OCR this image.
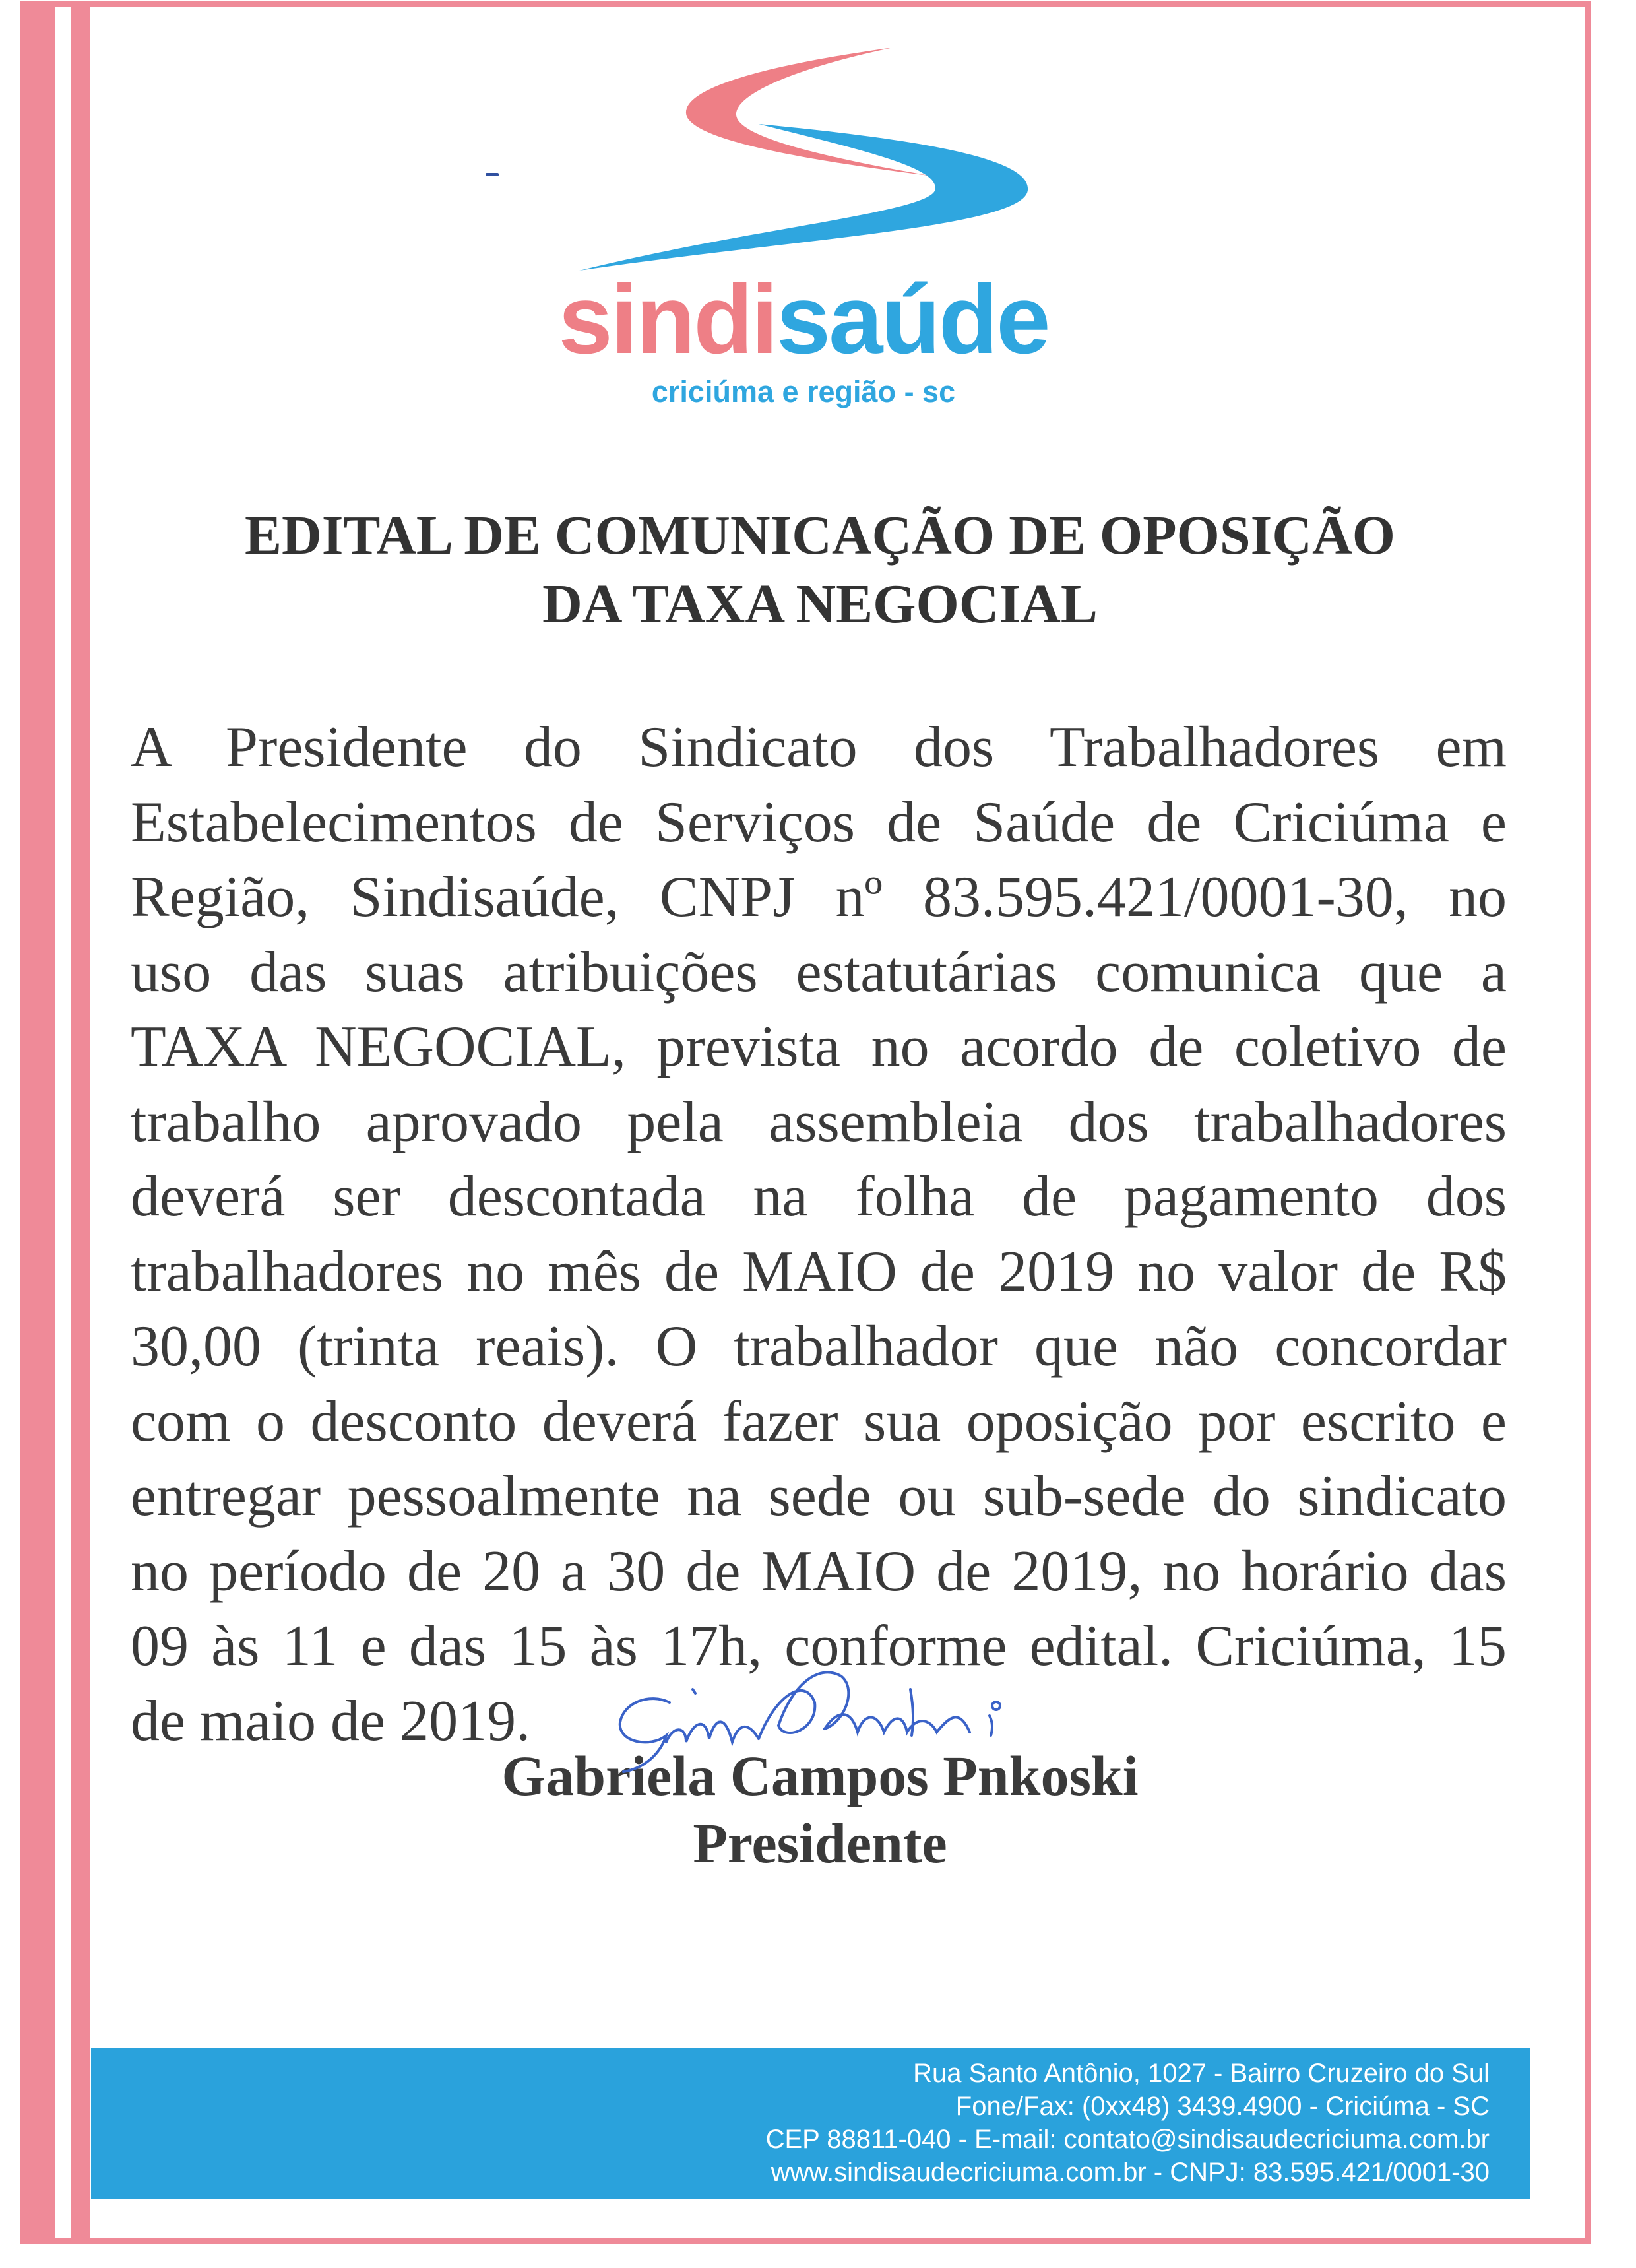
sindisaúde
criciúma e região - sc
EDITAL DE COMUNICAÇÃO DE OPOSIÇÃO
DA TAXA NEGOCIAL
A Presidente do Sindicato dos Trabalhadores em
Estabelecimentos de Serviços de Saúde de Criciúma e
Região, Sindisaúde, CNPJ nº 83.595.421/0001-30, no
uso das suas atribuições estatutárias comunica que a
TAXA NEGOCIAL, prevista no acordo de coletivo de
trabalho aprovado pela assembleia dos trabalhadores
deverá ser descontada na folha de pagamento dos
trabalhadores no mês de MAIO de 2019 no valor de R$
30,00 (trinta reais). O trabalhador que não concordar
com o desconto deverá fazer sua oposição por escrito e
entregar pessoalmente na sede ou sub-sede do sindicato
no período de 20 a 30 de MAIO de 2019, no horário das
09 às 11 e das 15 às 17h, conforme edital. Criciúma, 15
de maio de 2019.
Gabriela Campos Pnkoski
Presidente
Rua Santo Antônio, 1027 - Bairro Cruzeiro do Sul
Fone/Fax: (0xx48) 3439.4900 - Criciúma - SC
CEP 88811-040 - E-mail: contato@sindisaudecriciuma.com.br
www.sindisaudecriciuma.com.br - CNPJ: 83.595.421/0001-30
